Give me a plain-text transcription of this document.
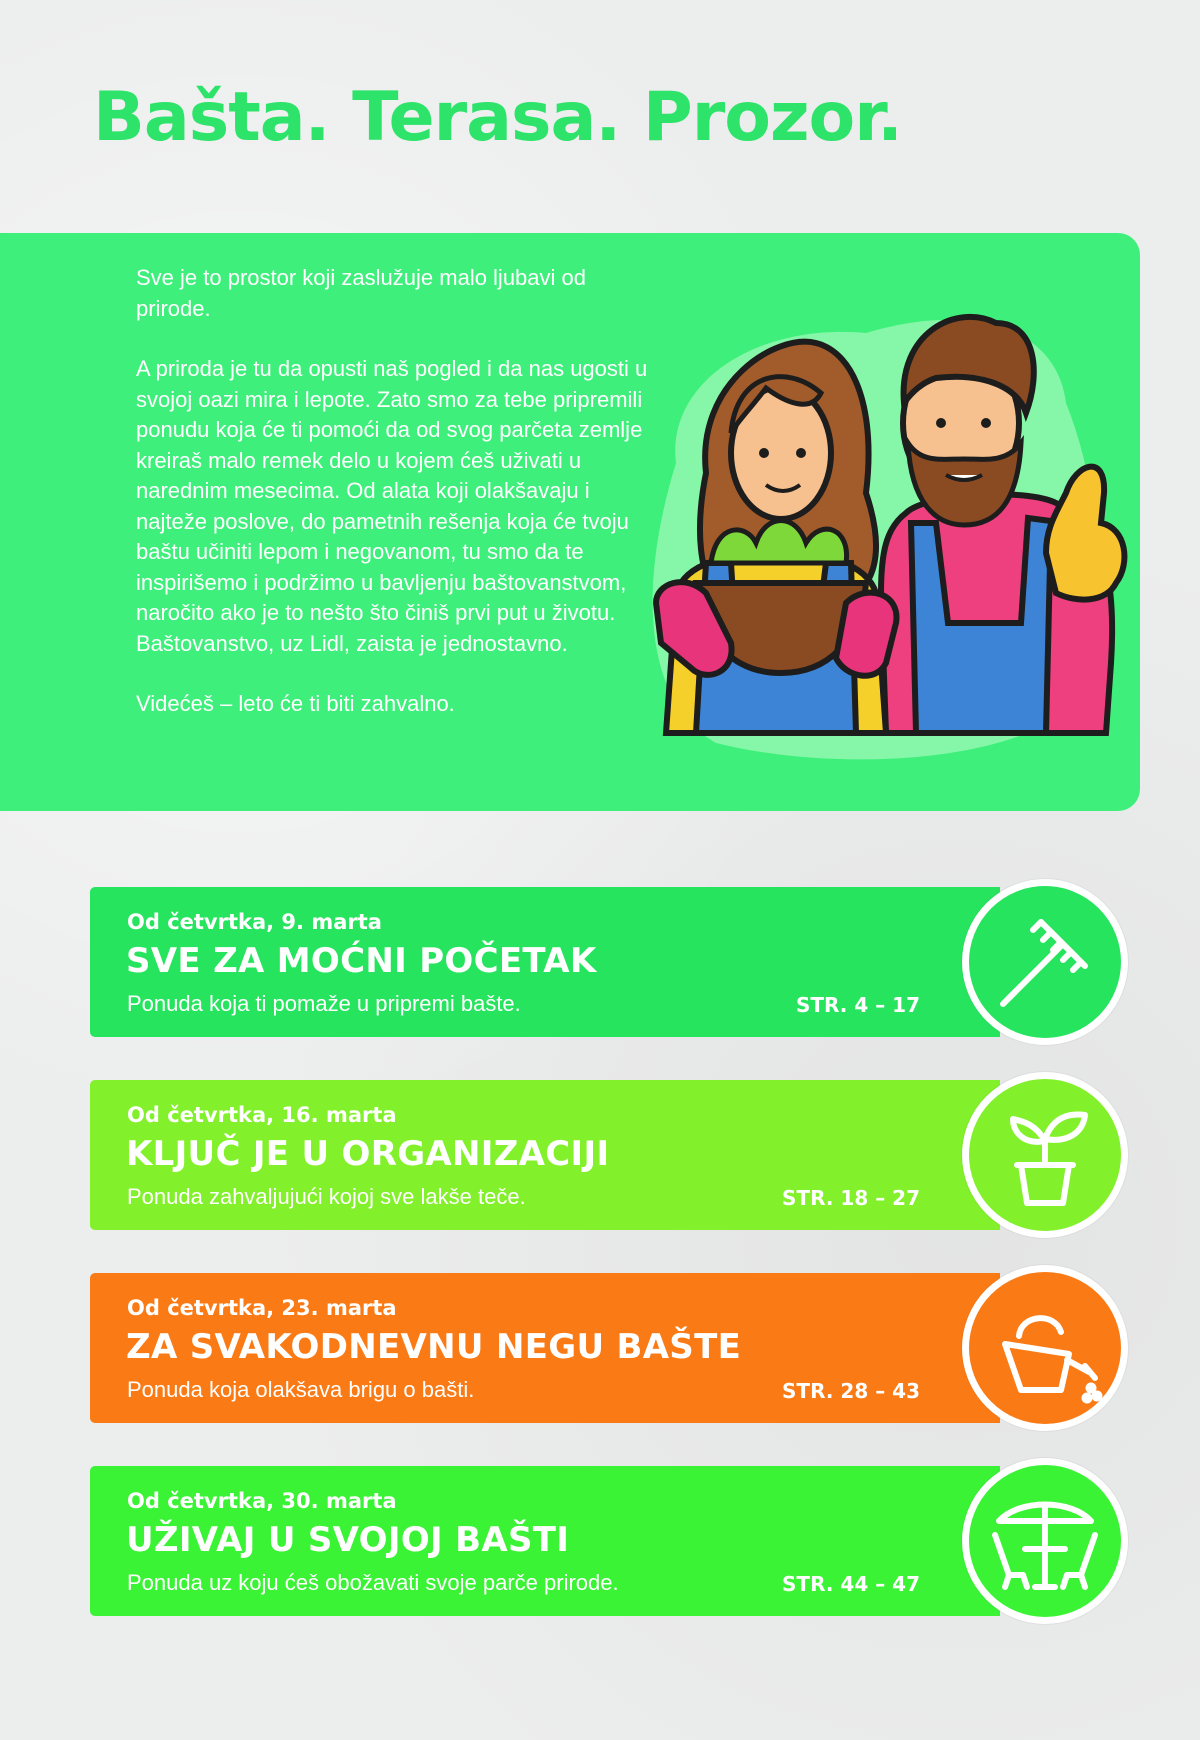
Bašta. Terasa. Prozor.

Sve je to prostor koji zaslužuje malo ljubavi od prirode.

A priroda je tu da opusti naš pogled i da nas ugosti u svojoj oazi mira i lepote. Zato smo za tebe pripremili ponudu koja će ti pomoći da od svog parčeta zemlje kreiraš malo remek delo u kojem ćeš uživati u narednim mesecima. Od alata koji olakšavaju i najteže poslove, do pametnih rešenja koja će tvoju baštu učiniti lepom i negovanom, tu smo da te inspirišemo i podržimo u bavljenju baštovanstvom, naročito ako je to nešto što činiš prvi put u životu. Baštovanstvo, uz Lidl, zaista je jednostavno.

Videćeš – leto će ti biti zahvalno.

Od četvrtka, 9. marta
SVE ZA MOĆNI POČETAK
Ponuda koja ti pomaže u pripremi bašte.	STR. 4 – 17
Od četvrtka, 16. marta
KLJUČ JE U ORGANIZACIJI
Ponuda zahvaljujući kojoj sve lakše teče.	STR. 18 – 27
Od četvrtka, 23. marta
ZA SVAKODNEVNU NEGU BAŠTE
Ponuda koja olakšava brigu o bašti.	STR. 28 – 43
Od četvrtka, 30. marta
UŽIVAJ U SVOJOJ BAŠTI
Ponuda uz koju ćeš obožavati svoje parče prirode.	STR. 44 – 47
